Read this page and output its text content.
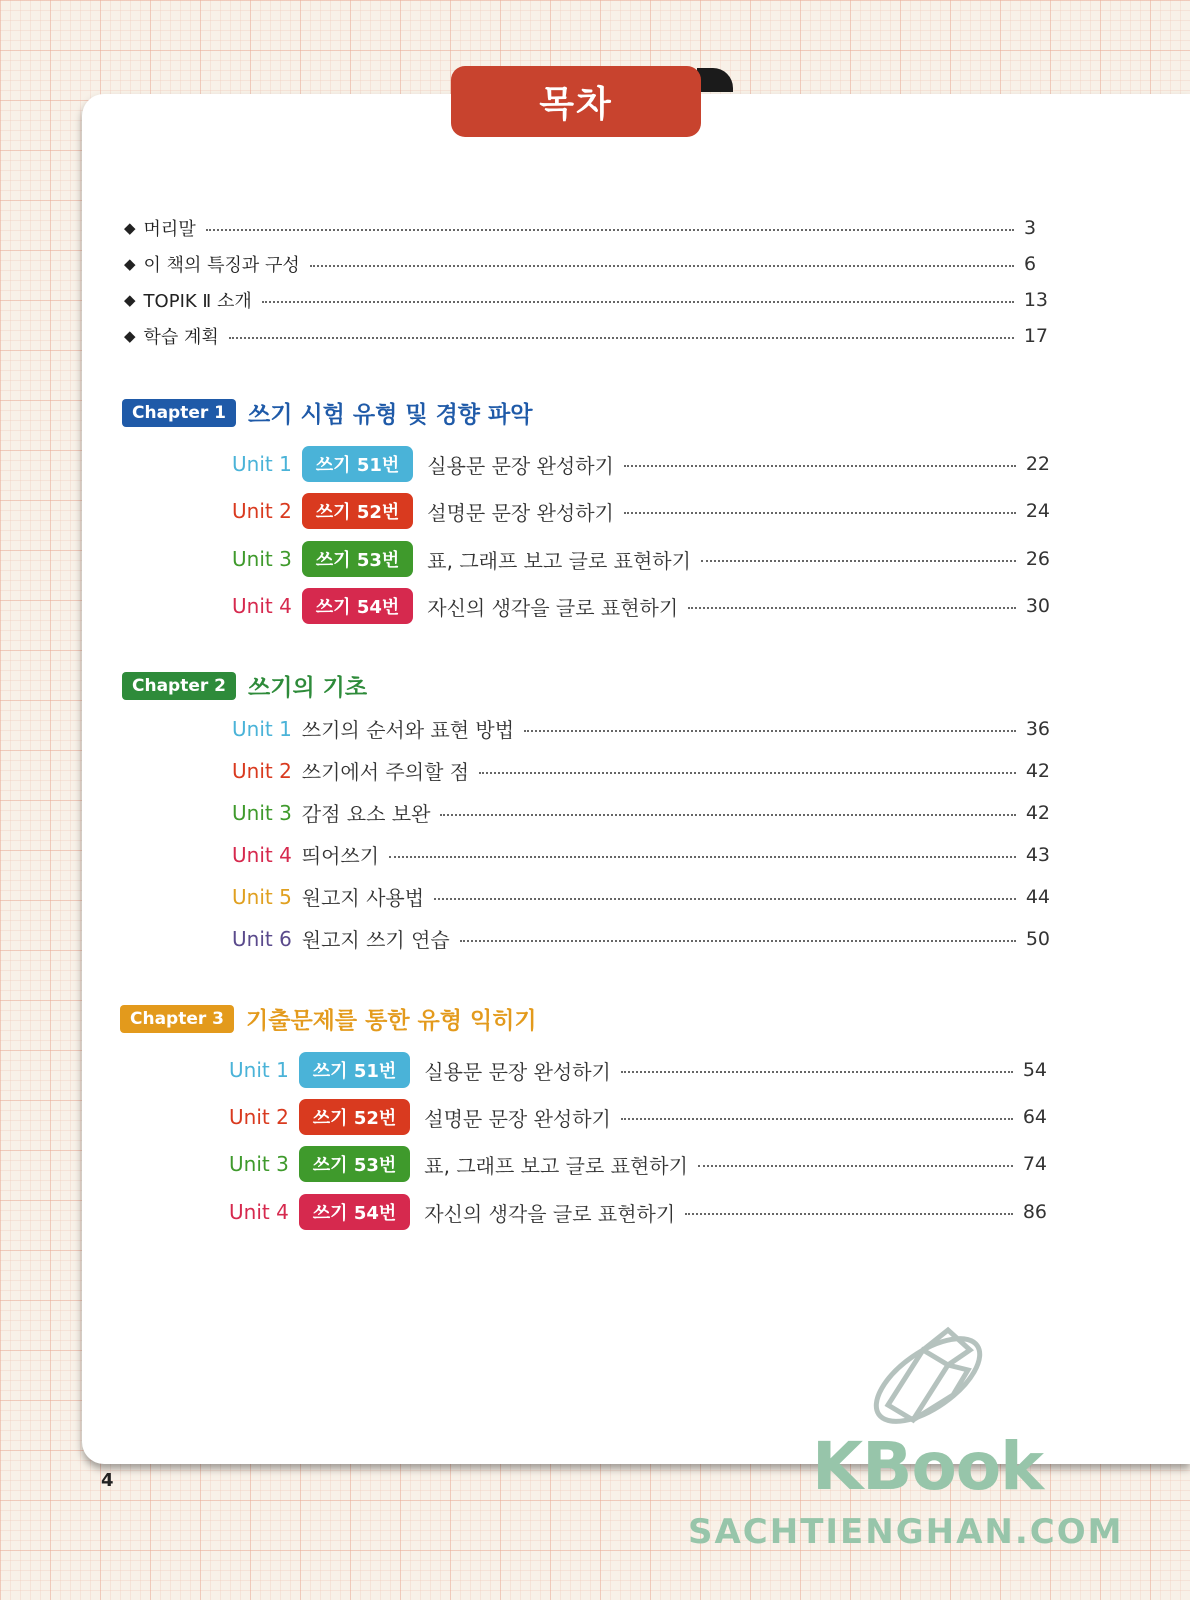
목차
◆ 머리말	3
◆ 이 책의 특징과 구성	6
◆ TOPIK Ⅱ 소개	13
◆ 학습 계획	17
Chapter 1 쓰기 시험 유형 및 경향 파악
Unit 1	쓰기 51번	실용문 문장 완성하기	22
Unit 2	쓰기 52번	설명문 문장 완성하기	24
Unit 3	쓰기 53번	표, 그래프 보고 글로 표현하기	26
Unit 4	쓰기 54번	자신의 생각을 글로 표현하기	30
Chapter 2 쓰기의 기초
Unit 1 쓰기의 순서와 표현 방법	36
Unit 2 쓰기에서 주의할 점	42
Unit 3 감점 요소 보완	42
Unit 4 띄어쓰기	43
Unit 5 원고지 사용법	44
Unit 6 원고지 쓰기 연습	50
Chapter 3 기출문제를 통한 유형 익히기
Unit 1	쓰기 51번	실용문 문장 완성하기	54
Unit 2	쓰기 52번	설명문 문장 완성하기	64
Unit 3	쓰기 53번	표, 그래프 보고 글로 표현하기	74
Unit 4	쓰기 54번	자신의 생각을 글로 표현하기	86
4	KBook
SACHTIENGHAN.COM
